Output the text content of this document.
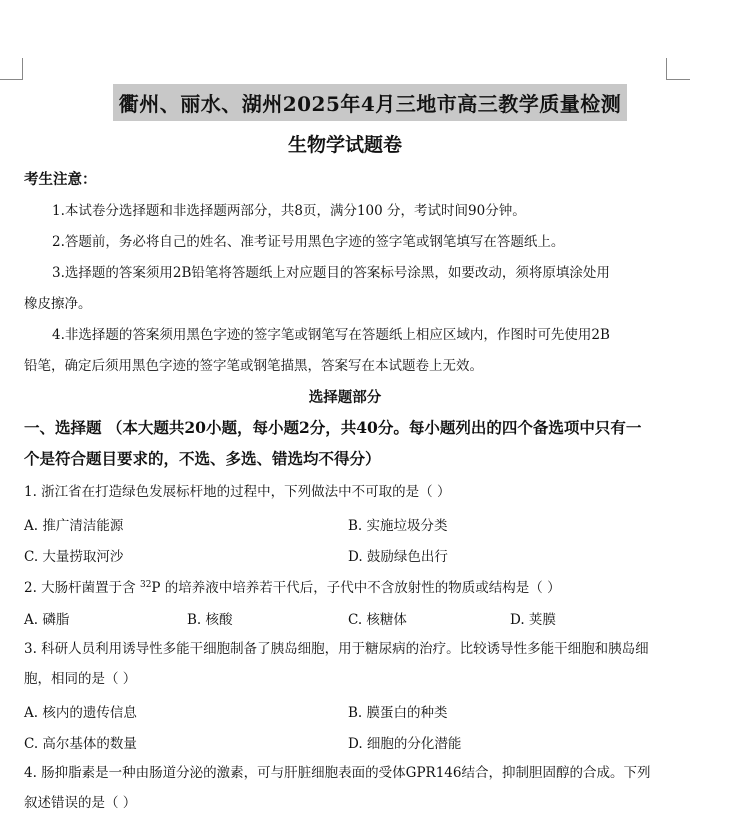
衢州、丽水、湖州2025年4月三地市高三教学质量检测
生物学试题卷
考生注意：
1.本试卷分选择题和非选择题两部分，共8页，满分100 分，考试时间90分钟。
2.答题前，务必将自己的姓名、准考证号用黑色字迹的签字笔或钢笔填写在答题纸上。
3.选择题的答案须用2B铅笔将答题纸上对应题目的答案标号涂黑，如要改动，须将原填涂处用
橡皮擦净。
4.非选择题的答案须用黑色字迹的签字笔或钢笔写在答题纸上相应区域内，作图时可先使用2B
铅笔，确定后须用黑色字迹的签字笔或钢笔描黑，答案写在本试题卷上无效。
选择题部分
一、选择题 （本大题共20小题，每小题2分，共40分。每小题列出的四个备选项中只有一
个是符合题目要求的，不选、多选、错选均不得分）
1. 浙江省在打造绿色发展标杆地的过程中，下列做法中不可取的是（ ）
A. 推广清洁能源	B. 实施垃圾分类
C. 大量捞取河沙	D. 鼓励绿色出行
2. 大肠杆菌置于含 $^{32}$P 的培养液中培养若干代后，子代中不含放射性的物质或结构是（ ）
A. 磷脂	B. 核酸	C. 核糖体	D. 荚膜
3. 科研人员利用诱导性多能干细胞制备了胰岛细胞，用于糖尿病的治疗。比较诱导性多能干细胞和胰岛细
胞，相同的是（ ）
A. 核内的遗传信息	B. 膜蛋白的种类
C. 高尔基体的数量	D. 细胞的分化潜能
4. 肠抑脂素是一种由肠道分泌的激素，可与肝脏细胞表面的受体GPR146结合，抑制胆固醇的合成。下列
叙述错误的是（ ）
